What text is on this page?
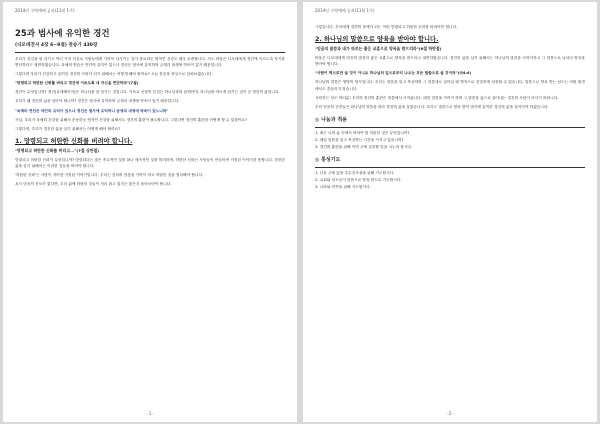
2014년 구역예배 공과(11월 1주)
25과 범사에 유익한 경건
(디모데전서 4장 6~9절) 찬송가 430장

우리가 건강을 잘 지키고 여러 가지 이유로 사람들에게 가까이 다가가는 일이 중요하듯 영적인 건강도 매우 소중합니다. 사도 바울은 디모데에게 경건에 이르도록 자기를 연단하라고 권면하였습니다. 육체의 연습은 약간의 유익이 있으나 경건은 범사에 유익하며 금생과 내생에 약속이 있기 때문입니다.

그렇다면 우리가 건강하고 유익한 경건의 사람이 되기 위해서는 어떻게 해야 할까요? 오늘 본문을 중심으로 살펴보겠습니다.

"망령되고 허탄한 신화를 버리고 경건에 이르도록 네 자신을 연단하라"(7절)

경건이 무엇입니까? 경건(유세베이아)은 하나님을 잘 섬기는 것입니다. 기독교 신앙의 본질은 하나님과의 관계이며, 하나님을 바르게 섬기는 것이 곧 경건의 삶입니다.

우리가 왜 경건의 삶을 살아야 합니까? 경건은 범사에 유익하며 금생과 내생에 약속이 있기 때문입니다.

"육체의 연단은 약간의 유익이 있으나 경건은 범사에 유익하니 금생과 내생에 약속이 있느니라"

사실, 우리가 육체의 건강을 위해서 운동하듯 영적인 건강을 위해서도 경건의 훈련이 필요합니다. 그렇다면 경건의 훈련을 어떻게 할 수 있을까요?

그렇다면, 우리가 경건한 삶을 살기 위해서는 어떻게 해야 할까요?

1. 망령되고 허탄한 신화를 버려야 합니다.
"망령되고 허탄한 신화를 버리고..."(7절 상반절)

망령되고 허탄한 신화가 무엇입니까? 망령되다는 말은 종교적인 것을 떠나 세속적인 것을 의미하며, 허탄한 신화는 사람들이 만들어낸 거짓된 이야기를 뜻합니다. 경건한 삶을 살기 위해서는 이러한 것들을 버려야 합니다.

'허탄한 신화'는 사람이 지어낸 거짓된 이야기입니다. 우리는 진리의 말씀을 가까이 하고 허탄한 것을 멀리해야 합니다.

혹시 믿음의 진보가 없다면, 우리 삶에 허탄한 것들이 자리 잡고 있지는 않은지 돌아보아야 합니다.

- 1 -
2014년 구역예배 공과(11월 1주)

그렇습니다. 우리에게 경건의 장애가 되는 이런 망령되고 허탄한 신화를 버려야만 합니다.

2. 하나님의 말씀으로 양육을 받아야 합니다.
"믿음의 말씀과 네가 따르는 좋은 교훈으로 양육을 받으리라"(6절 하반절)

바울은 디모데에게 믿음의 말씀과 좋은 교훈으로 양육을 받으라고 권면하였습니다. 경건한 삶을 살기 위해서는 하나님의 말씀을 가까이하고 그 말씀으로 날마다 양육을 받아야 합니다.

"사람이 떡으로만 살 것이 아니요 하나님의 입으로부터 나오는 모든 말씀으로 살 것이라"(마4:4)

하나님의 말씀은 생명의 양식입니다. 우리는 말씀을 읽고 묵상하며 그 말씀대로 살아갈 때 영적으로 건강하게 성장할 수 있습니다. 말씀으로 양육 받는 성도는 어떤 환경에서도 흔들리지 않습니다.

사랑하는 성도 여러분! 우리의 경건의 훈련은 말씀에서 시작됩니다. 매일 말씀을 가까이 하며 그 말씀을 삶으로 살아내는 경건의 사람이 되시기 바랍니다.

우리 믿음의 선진들은 하나님의 말씀을 따라 경건의 삶을 살았습니다. 우리도 말씀으로 양육 받아 범사에 유익한 경건의 삶을 살아가야 하겠습니다.

◎ 나눔과 적용
1. 최근 나의 삶 속에서 버려야 할 허탄한 것은 무엇입니까?
2. 매일 말씀을 읽고 묵상하는 시간을 가지고 있습니까?
3. 경건의 훈련을 위해 이번 주에 실천할 일을 나누어 봅시다.
◎ 통성기도
1. 다음 주에 있을 추수감사절을 위해 기도합시다.
2. 교회와 성도들이 말씀으로 양육 받도록 기도합시다.
3. 나라와 민족을 위해 기도합시다.
- 2 -
